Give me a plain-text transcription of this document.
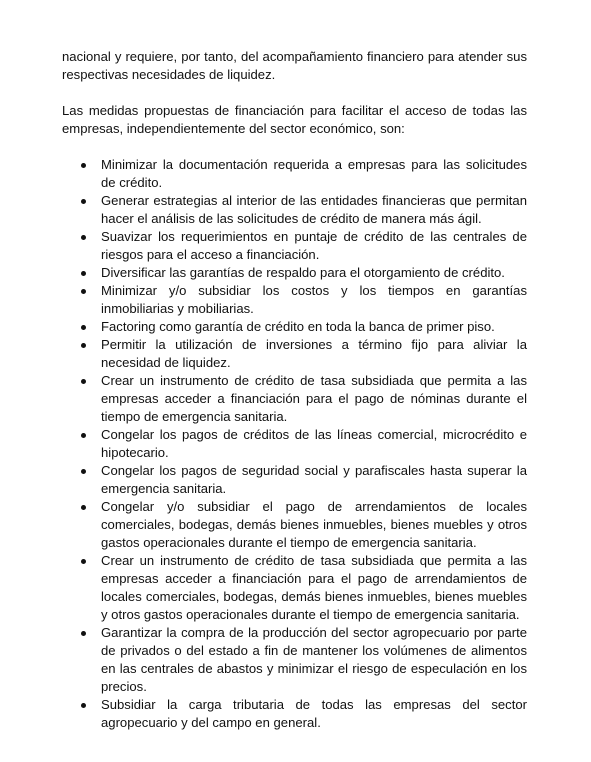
nacional y requiere, por tanto, del acompañamiento financiero para atender sus respectivas necesidades de liquidez.

Las medidas propuestas de financiación para facilitar el acceso de todas las empresas, independientemente del sector económico, son:

Minimizar la documentación requerida a empresas para las solicitudes de crédito.
Generar estrategias al interior de las entidades financieras que permitan hacer el análisis de las solicitudes de crédito de manera más ágil.
Suavizar los requerimientos en puntaje de crédito de las centrales de riesgos para el acceso a financiación.
Diversificar las garantías de respaldo para el otorgamiento de crédito.
Minimizar y/o subsidiar los costos y los tiempos en garantías inmobiliarias y mobiliarias.
Factoring como garantía de crédito en toda la banca de primer piso.
Permitir la utilización de inversiones a término fijo para aliviar la necesidad de liquidez.
Crear un instrumento de crédito de tasa subsidiada que permita a las empresas acceder a financiación para el pago de nóminas durante el tiempo de emergencia sanitaria.
Congelar los pagos de créditos de las líneas comercial, microcrédito e hipotecario.
Congelar los pagos de seguridad social y parafiscales hasta superar la emergencia sanitaria.
Congelar y/o subsidiar el pago de arrendamientos de locales comerciales, bodegas, demás bienes inmuebles, bienes muebles y otros gastos operacionales durante el tiempo de emergencia sanitaria.
Crear un instrumento de crédito de tasa subsidiada que permita a las empresas acceder a financiación para el pago de arrendamientos de locales comerciales, bodegas, demás bienes inmuebles, bienes muebles y otros gastos operacionales durante el tiempo de emergencia sanitaria.
Garantizar la compra de la producción del sector agropecuario por parte de privados o del estado a fin de mantener los volúmenes de alimentos en las centrales de abastos y minimizar el riesgo de especulación en los precios.
Subsidiar la carga tributaria de todas las empresas del sector agropecuario y del campo en general.
